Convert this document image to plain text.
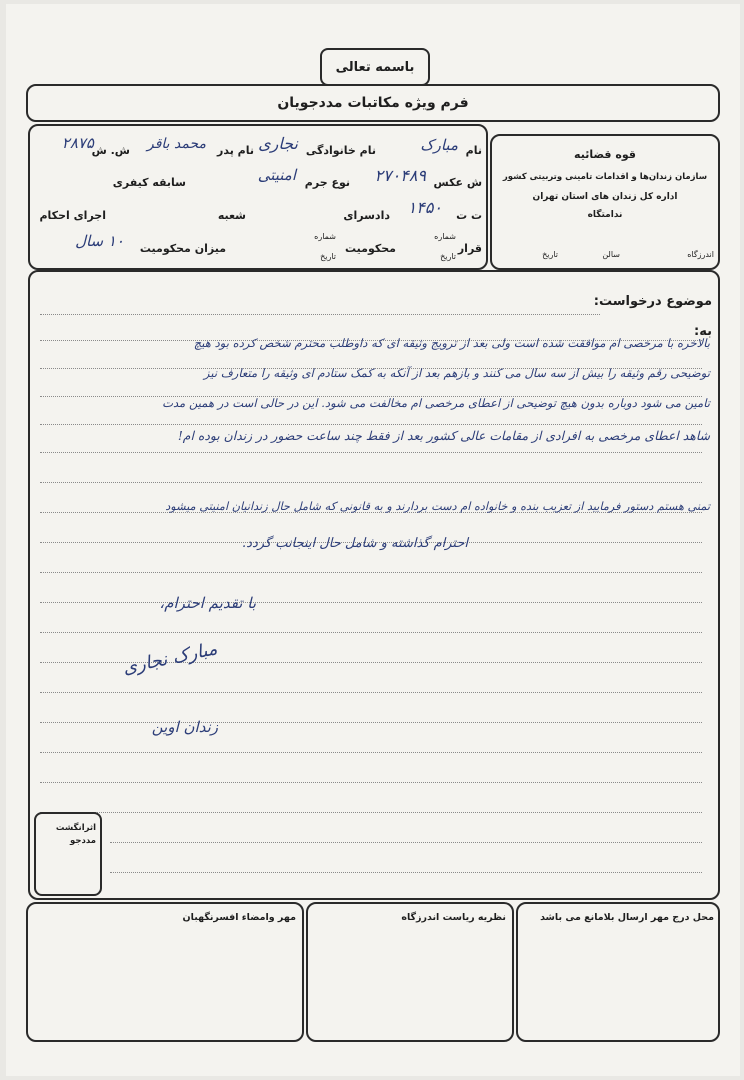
باسمه تعالی
فرم ویژه مکاتبات مددجویان
نام
مبارک
نام خانوادگی
نجاری
نام پدر
محمد باقر
ش. ش
۲۸۷۵
ش عکس
۲۷۰۴۸۹
نوع جرم
امنیتی
سابقه کیفری
ت ت
۱۴۵۰
دادسرای
شعبه
اجرای احکام
قرار
شماره
تاریخ
محکومیت
شماره
تاریخ
میزان محکومیت
۱۰ سال
قوه قضائیه
سازمان زندان‌ها و اقدامات تامینی وتربیتی کشور
اداره کل زندان های استان تهران
ندامتگاه
اندرزگاه
سالن
تاریخ
موضوع درخواست:
به:
بالاخره با مرخصی ام موافقت شده است ولی بعد از ترویج وثیقه ای که داوطلب محترم شخص کرده بود هیچ
توضیحی رقم وثیقه را بیش از سه سال می کنند و بازهم بعد از آنکه به کمک ستادم ای وثیقه را متعارف نیز
تامین می شود دوباره بدون هیچ توضیحی از اعطای مرخصی ام مخالفت می شود. این در حالی است در همین مدت
شاهد اعطای مرخصی به افرادی از مقامات عالی کشور بعد از فقط چند ساعت حضور در زندان بوده ام!
تمنی هستم دستور فرمایید از تعزیب بنده و خانواده ام دست بردارند و به قانونی که شامل حال زندانیان امنیتی میشود
احترام گذاشته و شامل حال اینجانب گردد.
با تقدیم احترام،
مبارک نجاری
زندان اوین
اثرانگشت مددجو
محل درج مهر ارسال بلامانع می باشد
نظریه ریاست اندرزگاه
مهر وامضاء افسرنگهبان
